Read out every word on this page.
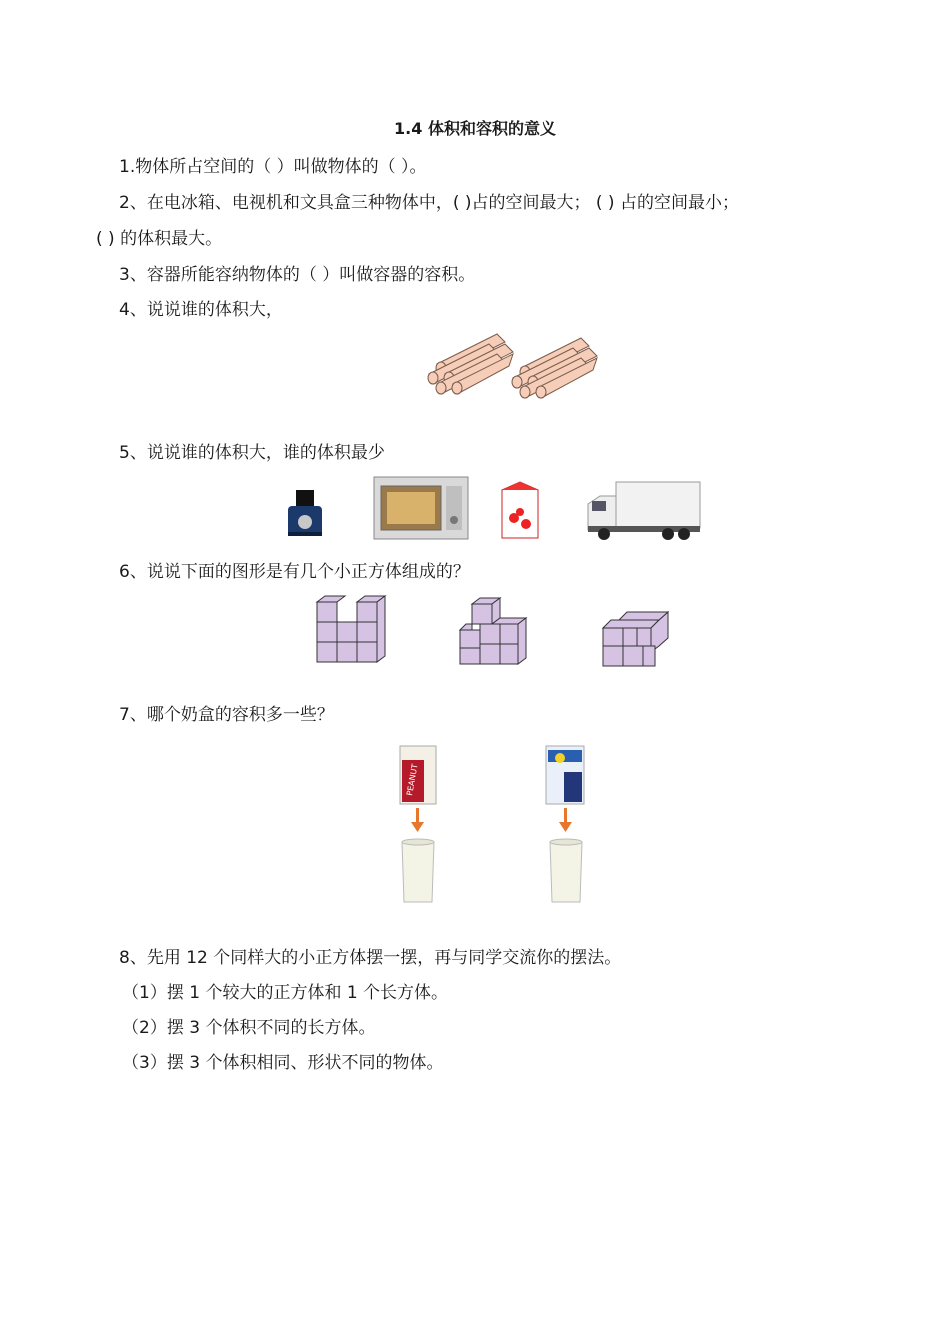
1.4 体积和容积的意义
1.物体所占空间的（ ）叫做物体的（ ）。
2、在电冰箱、电视机和文具盒三种物体中，( )占的空间最大； ( ) 占的空间最小；
( ) 的体积最大。
3、容器所能容纳物体的（ ）叫做容器的容积。
4、说说谁的体积大，
5、说说谁的体积大，谁的体积最少
6、说说下面的图形是有几个小正方体组成的？
7、哪个奶盒的容积多一些？
PEANUT
8、先用 12 个同样大的小正方体摆一摆，再与同学交流你的摆法。
（1）摆 1 个较大的正方体和 1 个长方体。
（2）摆 3 个体积不同的长方体。
（3）摆 3 个体积相同、形状不同的物体。
